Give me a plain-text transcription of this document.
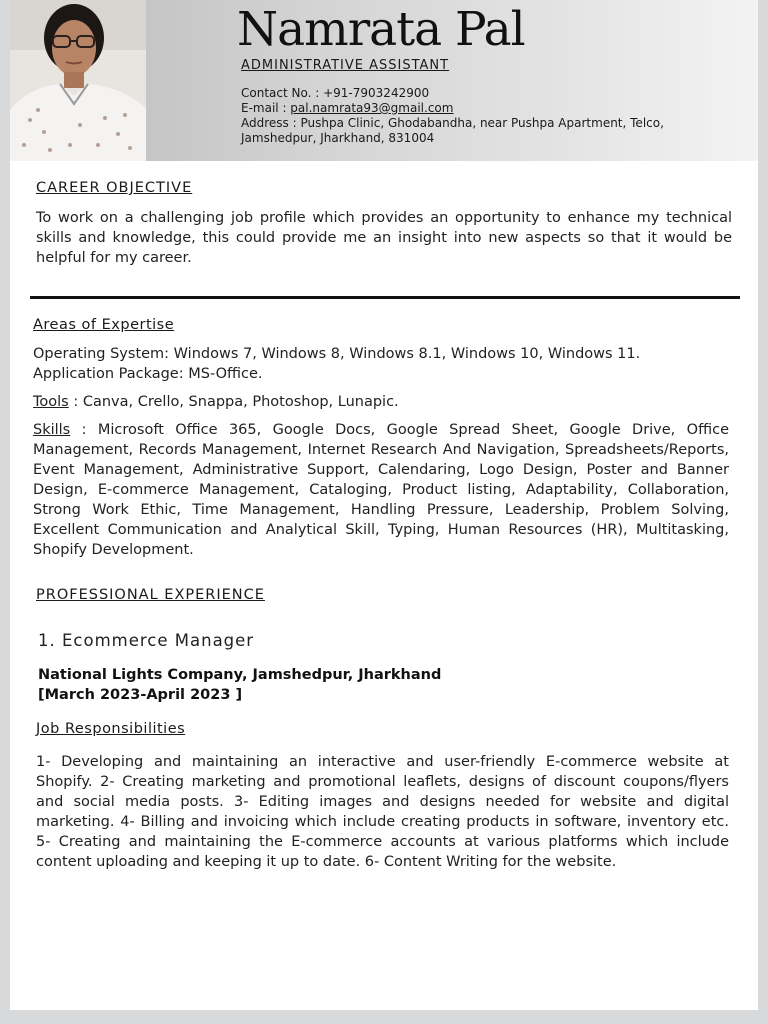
Namrata Pal
ADMINISTRATIVE ASSISTANT
Contact No. : +91-7903242900
E-mail : pal.namrata93@gmail.com
Address : Pushpa Clinic, Ghodabandha, near Pushpa Apartment, Telco, Jamshedpur, Jharkhand, 831004
CAREER OBJECTIVE
To work on a challenging job profile which provides an opportunity to enhance my technical skills and knowledge, this could provide me an insight into new aspects so that it would be helpful for my career.
Areas of Expertise
Operating System: Windows 7, Windows 8, Windows 8.1, Windows 10, Windows 11.
Application Package: MS-Office.
Tools : Canva, Crello, Snappa, Photoshop, Lunapic.
Skills : Microsoft Office 365, Google Docs, Google Spread Sheet, Google Drive, Office Management, Records Management, Internet Research And Navigation, Spreadsheets/Reports, Event Management, Administrative Support, Calendaring, Logo Design, Poster and Banner Design, E-commerce Management, Cataloging, Product listing, Adaptability, Collaboration, Strong Work Ethic, Time Management, Handling Pressure, Leadership, Problem Solving, Excellent Communication and Analytical Skill, Typing, Human Resources (HR), Multitasking, Shopify Development.
PROFESSIONAL EXPERIENCE
1. Ecommerce Manager
National Lights Company, Jamshedpur, Jharkhand
[March 2023-April 2023 ]
Job Responsibilities
1- Developing and maintaining an interactive and user-friendly E-commerce website at Shopify. 2- Creating marketing and promotional leaflets, designs of discount coupons/flyers and social media posts. 3- Editing images and designs needed for website and digital marketing. 4- Billing and invoicing which include creating products in software, inventory etc. 5- Creating and maintaining the E-commerce accounts at various platforms which include content uploading and keeping it up to date. 6- Content Writing for the website.
